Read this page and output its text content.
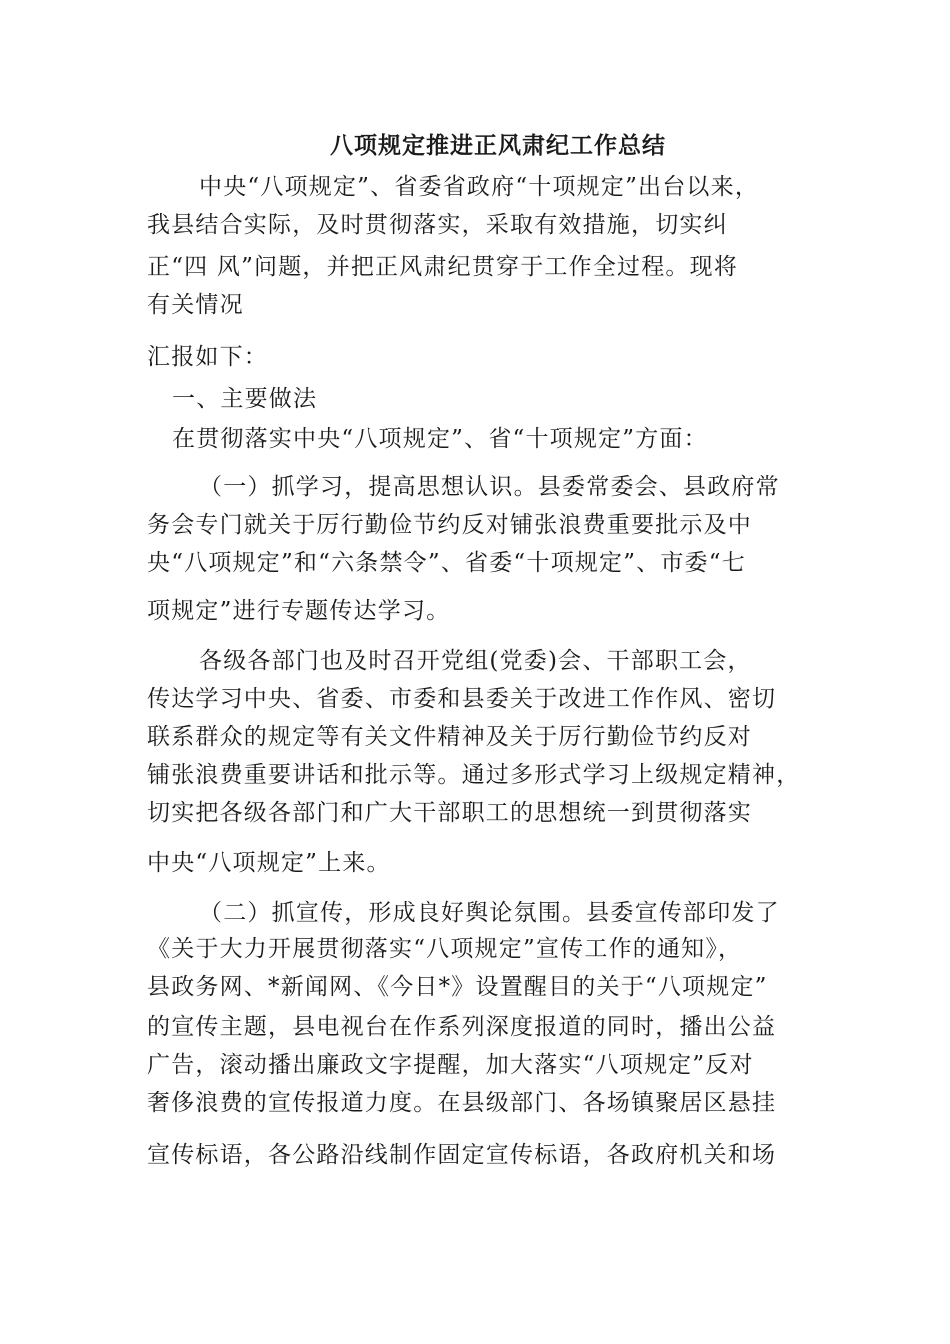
八项规定推进正风肃纪工作总结
中央“八项规定”、省委省政府“十项规定”出台以来，
我县结合实际，及时贯彻落实，采取有效措施，切实纠
正“四 风”问题，并把正风肃纪贯穿于工作全过程。现将
有关情况
汇报如下：
一、主要做法
在贯彻落实中央“八项规定”、省“十项规定”方面：
（一）抓学习，提高思想认识。县委常委会、县政府常
务会专门就关于厉行勤俭节约反对铺张浪费重要批示及中
央“八项规定”和“六条禁令”、省委“十项规定”、市委“七
项规定”进行专题传达学习。
各级各部门也及时召开党组(党委)会、干部职工会，
传达学习中央、省委、市委和县委关于改进工作作风、密切
联系群众的规定等有关文件精神及关于厉行勤俭节约反对
铺张浪费重要讲话和批示等。通过多形式学习上级规定精神，
切实把各级各部门和广大干部职工的思想统一到贯彻落实
中央“八项规定”上来。
（二）抓宣传，形成良好舆论氛围。县委宣传部印发了
《关于大力开展贯彻落实“八项规定”宣传工作的通知》，
县政务网、*新闻网、《今日*》设置醒目的关于“八项规定”
的宣传主题，县电视台在作系列深度报道的同时，播出公益
广告，滚动播出廉政文字提醒，加大落实“八项规定”反对
奢侈浪费的宣传报道力度。在县级部门、各场镇聚居区悬挂
宣传标语，各公路沿线制作固定宣传标语，各政府机关和场
